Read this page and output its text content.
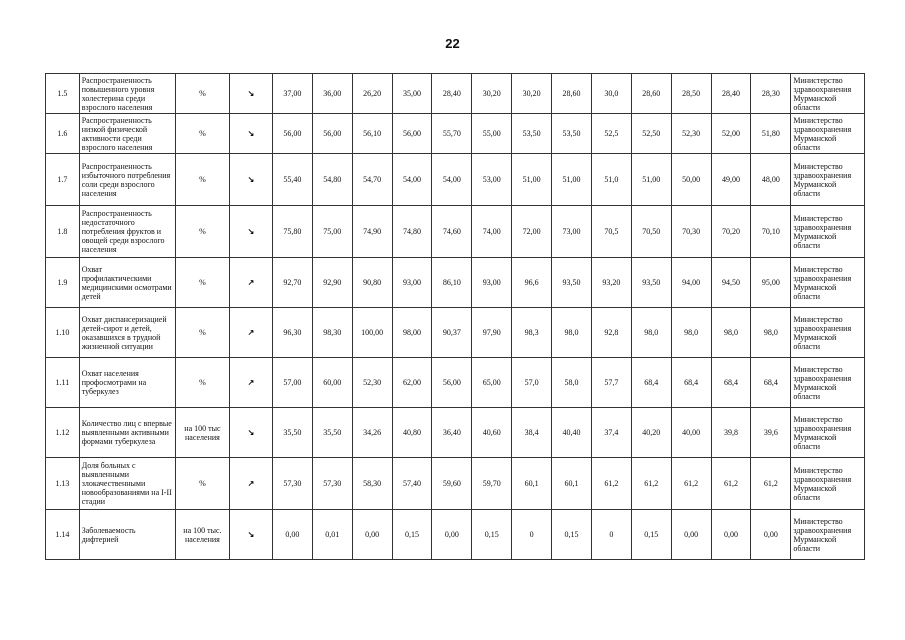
22
1.5	Распространенность повышенного уровня холестерина среди взрослого населения	%	↘	37,00	36,00	26,20	35,00	28,40	30,20	30,20	28,60	30,0	28,60	28,50	28,40	28,30	Министерство здравоохранения Мурманской области
1.6	Распространенность низкой физической активности среди взрослого населения	%	↘	56,00	56,00	56,10	56,00	55,70	55,00	53,50	53,50	52,5	52,50	52,30	52,00	51,80	Министерство здравоохранения Мурманской области
1.7	Распространенность избыточного потребления соли среди взрослого населения	%	↘	55,40	54,80	54,70	54,00	54,00	53,00	51,00	51,00	51,0	51,00	50,00	49,00	48,00	Министерство здравоохранения Мурманской области
1.8	Распространенность недостаточного потребления фруктов и овощей среди взрослого населения	%	↘	75,80	75,00	74,90	74,80	74,60	74,00	72,00	73,00	70,5	70,50	70,30	70,20	70,10	Министерство здравоохранения Мурманской области
1.9	Охват профилактическими медицинскими осмотрами детей	%	↗	92,70	92,90	90,80	93,00	86,10	93,00	96,6	93,50	93,20	93,50	94,00	94,50	95,00	Министерство здравоохранения Мурманской области
1.10	Охват диспансеризацией детей-сирот и детей, оказавшихся в трудной жизненной ситуации	%	↗	96,30	98,30	100,00	98,00	90,37	97,90	98,3	98,0	92,8	98,0	98,0	98,0	98,0	Министерство здравоохранения Мурманской области
1.11	Охват населения профосмотрами на туберкулез	%	↗	57,00	60,00	52,30	62,00	56,00	65,00	57,0	58,0	57,7	68,4	68,4	68,4	68,4	Министерство здравоохранения Мурманской области
1.12	Количество лиц с впервые выявленными активными формами туберкулеза	на 100 тыс населения	↘	35,50	35,50	34,26	40,80	36,40	40,60	38,4	40,40	37,4	40,20	40,00	39,8	39,6	Министерство здравоохранения Мурманской области
1.13	Доля больных с выявленными злокачественными новообразованиями на I-II стадии	%	↗	57,30	57,30	58,30	57,40	59,60	59,70	60,1	60,1	61,2	61,2	61,2	61,2	61,2	Министерство здравоохранения Мурманской области
1.14	Заболеваемость дифтерией	на 100 тыс. населения	↘	0,00	0,01	0,00	0,15	0,00	0,15	0	0,15	0	0,15	0,00	0,00	0,00	Министерство здравоохранения Мурманской области
